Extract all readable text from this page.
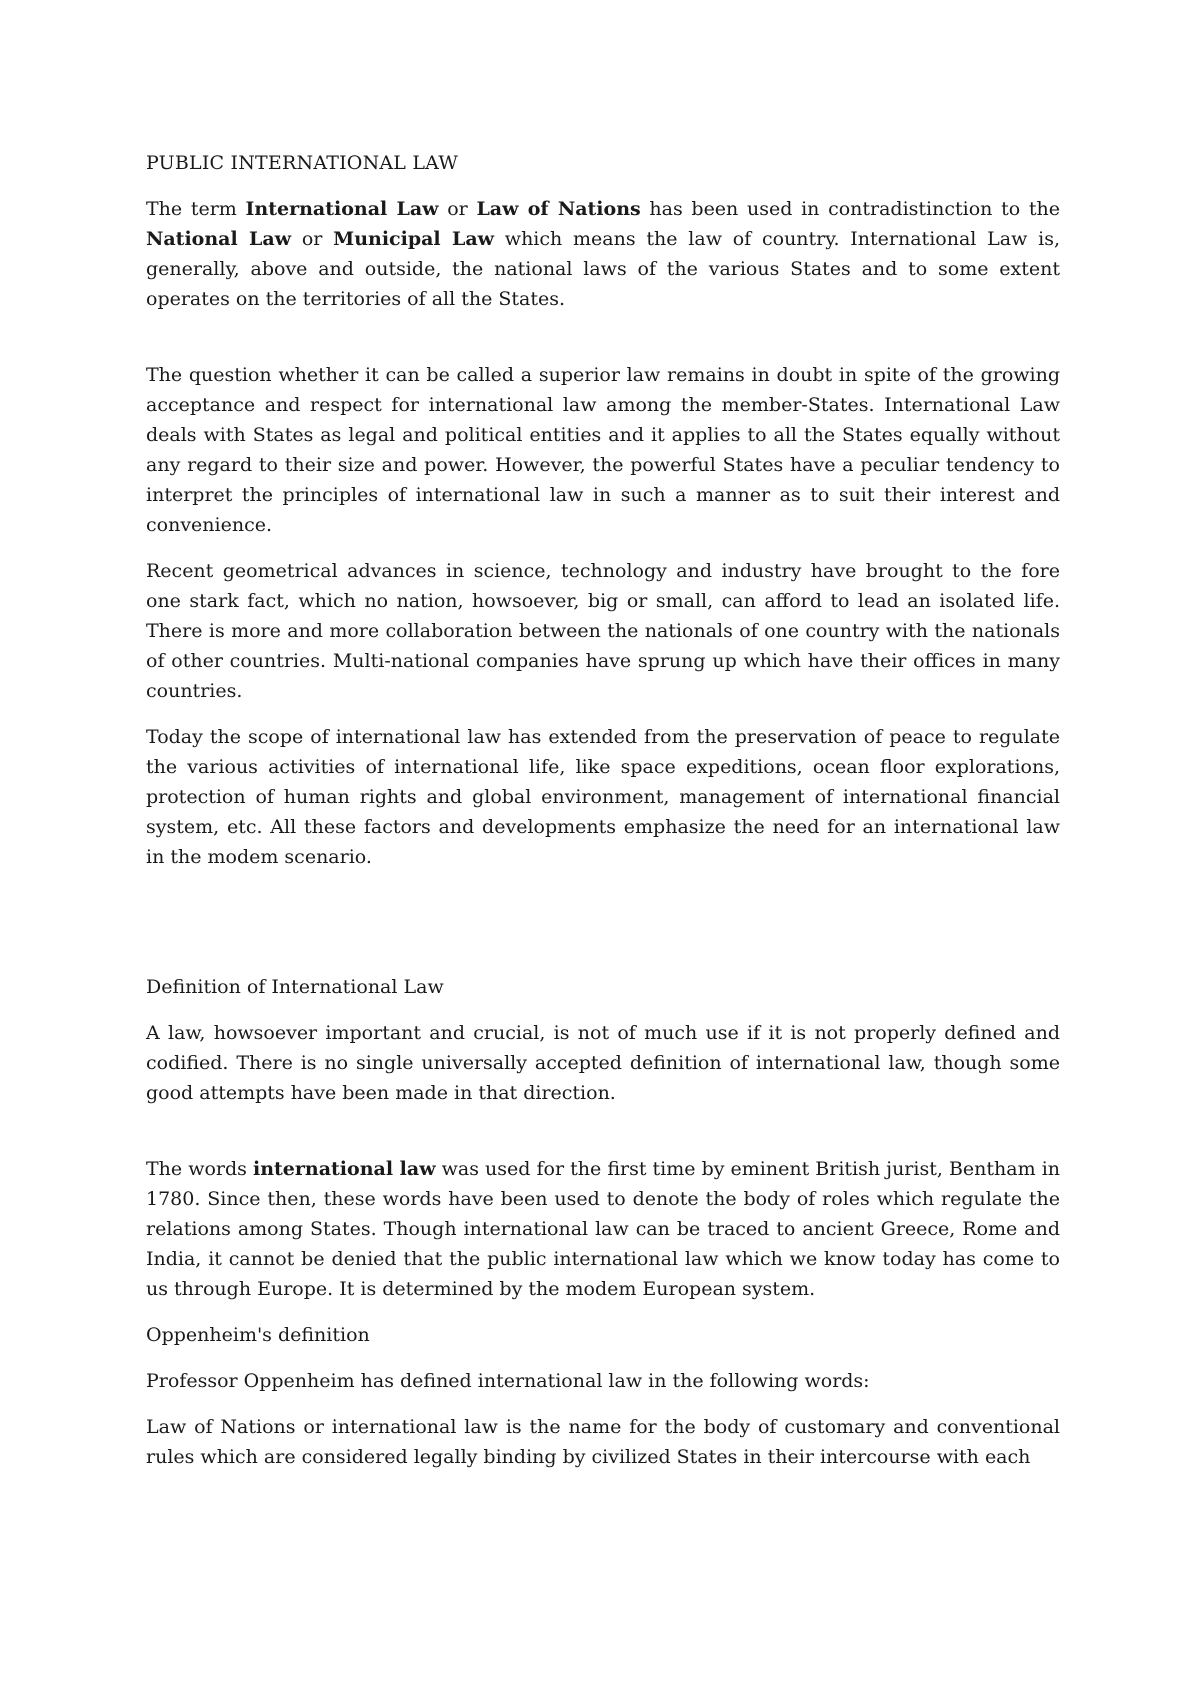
PUBLIC INTERNATIONAL LAW

The term International Law or Law of Nations has been used in contradistinction to the National Law or Municipal Law which means the law of country. International Law is, generally, above and outside, the national laws of the various States and to some extent operates on the territories of all the States.

The question whether it can be called a superior law remains in doubt in spite of the growing acceptance and respect for international law among the member-States. International Law deals with States as legal and political entities and it applies to all the States equally without any regard to their size and power. However, the powerful States have a peculiar tendency to interpret the principles of international law in such a manner as to suit their interest and convenience.

Recent geometrical advances in science, technology and industry have brought to the fore one stark fact, which no nation, howsoever, big or small, can afford to lead an isolated life. There is more and more collaboration between the nationals of one country with the nationals of other countries. Multi-national companies have sprung up which have their offices in many countries.

Today the scope of international law has extended from the preservation of peace to regulate the various activities of international life, like space expeditions, ocean floor explorations, protection of human rights and global environment, management of international financial system, etc. All these factors and developments emphasize the need for an international law in the modem scenario.

Definition of International Law

A law, howsoever important and crucial, is not of much use if it is not properly defined and codified. There is no single universally accepted definition of international law, though some good attempts have been made in that direction.

The words international law was used for the first time by eminent British jurist, Bentham in 1780. Since then, these words have been used to denote the body of roles which regulate the relations among States. Though international law can be traced to ancient Greece, Rome and India, it cannot be denied that the public international law which we know today has come to us through Europe. It is determined by the modem European system.

Oppenheim's definition

Professor Oppenheim has defined international law in the following words:

Law of Nations or international law is the name for the body of customary and conventional rules which are considered legally binding by civilized States in their intercourse with each
